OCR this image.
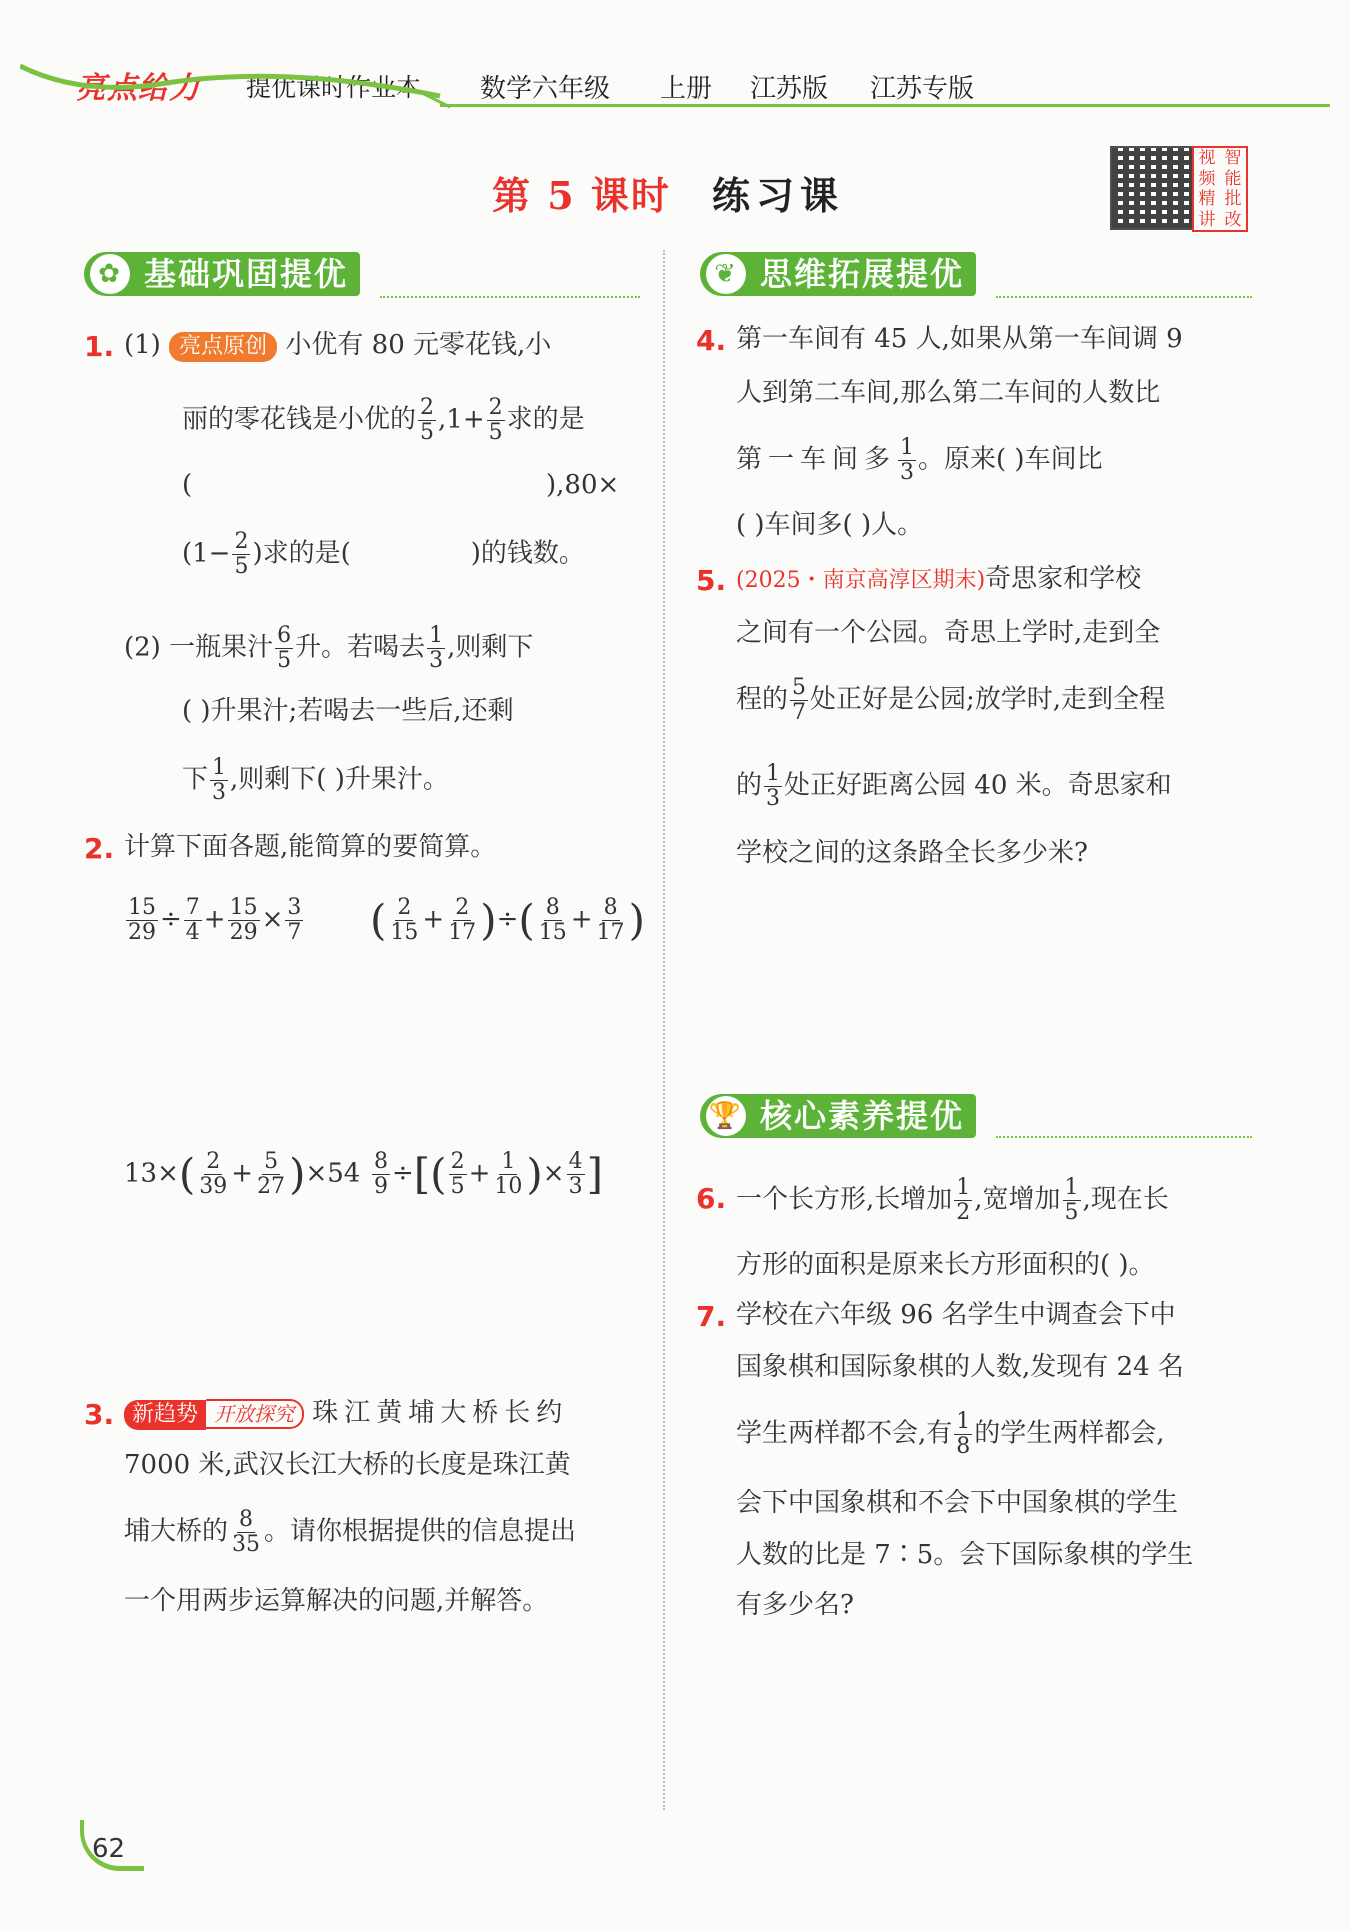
亮点给力 提优课时作业本 数学六年级 上册 江苏版 江苏专版
第 5 课时 练习课
视 智
频 能
精 批
讲 改
✿ 基础巩固提优
1. (1) 亮点原创 小优有 80 元零花钱,小
丽的零花钱是小优的 $\frac{2}{5} ,1+ \frac{2}{5}$ 求的是
(	),80×
($1- \frac{2}{5}$ )求的是(	)的钱数。
(2) 一瓶果汁 $\frac{6}{5}$ 升。若喝去 $\frac{1}{3}$ ,则剩下
( )升果汁;若喝去一些后,还剩
下 $\frac{1}{3}$ ,则剩下( )升果汁。
2. 计算下面各题,能简算的要简算。
$\frac{15}{29} \div \frac{7}{4} + \frac{15}{29} \times \frac{3}{7}$ ( $\frac{2}{15} + \frac{2}{17}$ )÷( $\frac{8}{15} + \frac{8}{17}$ )
$13\times( \frac{2}{39} + \frac{5}{27} )\times 54 \frac{8}{9}$ ÷[( $\frac{2}{5} + \frac{1}{10}$ )× $\frac{4}{3}$ ]
3. 新趋势 开放探究 珠江黄埔大桥长约
7000 米,武汉长江大桥的长度是珠江黄
埔大桥的 $\frac{8}{35}$ 。请你根据提供的信息提出
一个用两步运算解决的问题,并解答。
❦ 思维拓展提优
4. 第一车间有 45 人,如果从第一车间调 9
人到第二车间,那么第二车间的人数比
第一车间多 $\frac{1}{3}$ 。原来( )车间比
( )车间多( )人。
5. (2025・南京高淳区期末)奇思家和学校
之间有一个公园。奇思上学时,走到全
程的 $\frac{5}{7}$ 处正好是公园;放学时,走到全程
的 $\frac{1}{3}$ 处正好距离公园 40 米。奇思家和
学校之间的这条路全长多少米?
🏆 核心素养提优
6. 一个长方形,长增加 $\frac{1}{2}$ ,宽增加 $\frac{1}{5}$ ,现在长
方形的面积是原来长方形面积的( )。
7. 学校在六年级 96 名学生中调查会下中
国象棋和国际象棋的人数,发现有 24 名
学生两样都不会,有 $\frac{1}{8}$ 的学生两样都会,
会下中国象棋和不会下中国象棋的学生
人数的比是 7∶5。会下国际象棋的学生
有多少名?
62
